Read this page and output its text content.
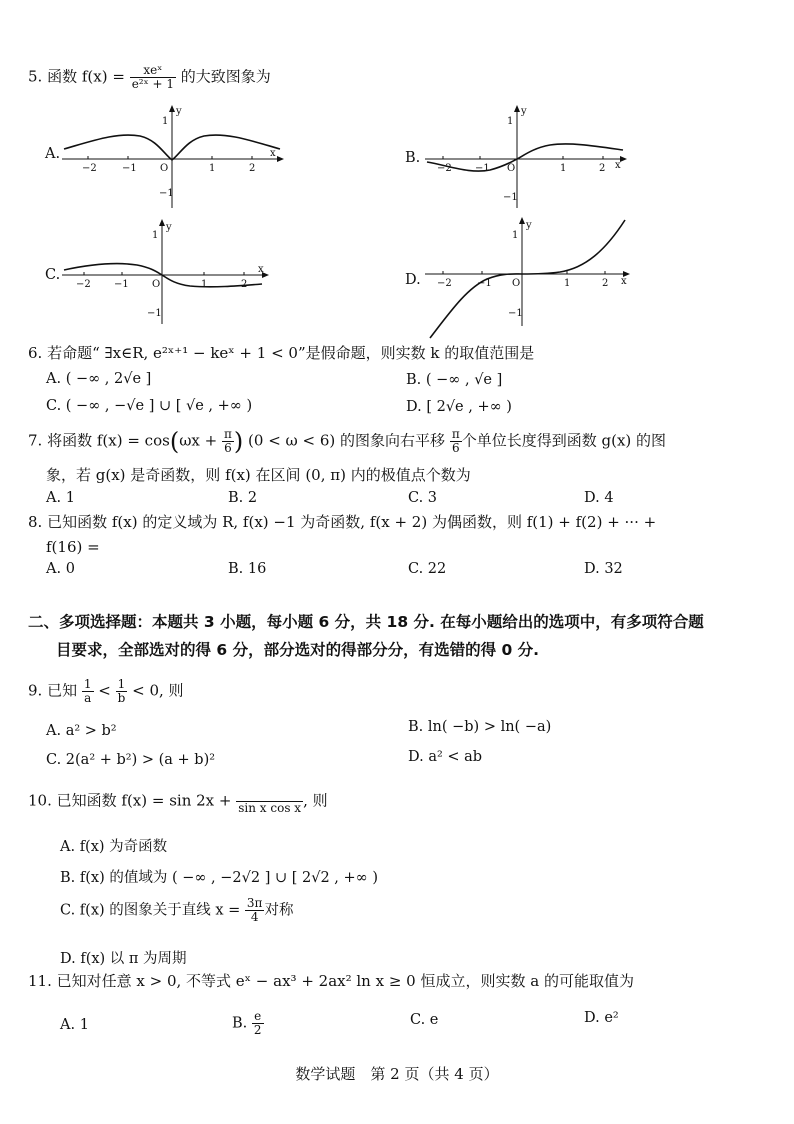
5. 函数 $f(x) = \frac{\text{xeˣ}}{\text{e²ˣ + 1}}$ 的大致图象为
A.
−2	−1 O	1	2
x
y
1
−1
B.
−2 −1 O	1	2 x
y
1
−1
C.
−2 −1 O	1	2
x
y
1
−1
D. −2	−1 O	1	2 x
y
1
−1
6. 若命题“ ∃x∈R, e²ˣ⁺¹ − keˣ + 1 < 0”是假命题，则实数 k 的取值范围是
A. ( −∞ , 2√e ]	B. ( −∞ , √e ]
C. ( −∞ , −√e ] ∪ [ √e , +∞ )	D. [ 2√e , +∞ )
7. 将函数 $f(x) = \cos(\omega x + \frac{\pi}{6}$ ) (0 < ω < 6) 的图象向右平移 $\frac{\pi}{6}$ 个单位长度得到函数 g(x) 的图
象，若 g(x) 是奇函数，则 f(x) 在区间 (0, π) 内的极值点个数为
A. 1	B. 2	C. 3	D. 4
8. 已知函数 f(x) 的定义域为 R, f(x) −1 为奇函数, f(x + 2) 为偶函数，则 f(1) + f(2) + ··· +
f(16) =
A. 0	B. 16	C. 22	D. 32
二、多项选择题：本题共 3 小题，每小题 6 分，共 18 分. 在每小题给出的选项中，有多项符合题
目要求，全部选对的得 6 分，部分选对的得部分分，有选错的得 0 分.
9. 已知 $\frac{1}{a} < \frac{1}{b} < 0$, 则
A. a² > b²	B. ln( −b) > ln( −a)
C. 2(a² + b²) > (a + b)²	D. a² < ab
10. 已知函数 f(x) = sin 2x + sin x cos x , 则
A. f(x) 为奇函数
B. f(x) 的值域为 ( −∞ , −2√2 ] ∪ [ 2√2 , +∞ )
C. f(x) 的图象关于直线 $x = \frac{3\pi}{4}$ 对称
D. f(x) 以 π 为周期
11. 已知对任意 x > 0, 不等式 eˣ − ax³ + 2ax² ln x ≥ 0 恒成立，则实数 a 的可能取值为
A. 1	B. $\frac{e}{2}$	C. e	D. e²
数学试题　第 2 页（共 4 页）
